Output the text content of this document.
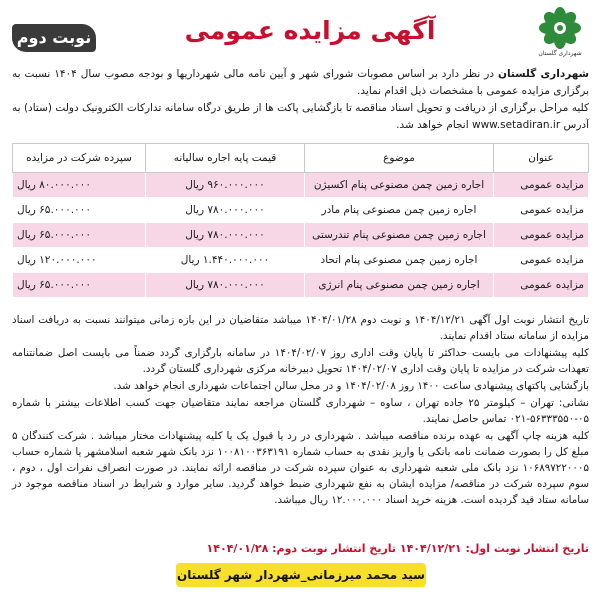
شهرداری گلستان
نوبت دوم	آگهی مزایده عمومی
شهرداری گلستان در نظر دارد بر اساس مصوبات شورای شهر و آیین نامه مالی شهرداریها و بودجه مصوب سال ۱۴۰۴ نسبت به برگزاری مزایده عمومی با مشخصات ذیل اقدام نماید.
کلیه مراحل برگزاری از دریافت و تحویل اسناد مناقصه تا بازگشایی پاکت ها از طریق درگاه سامانه تدارکات الکترونیک دولت (ستاد) به آدرس www.setadiran.ir انجام خواهد شد.
عنوان	موضوع	قیمت پایه اجاره سالیانه	سپرده شرکت در مزایده
مزایده عمومی	اجاره زمین چمن مصنوعی پنام اکسیژن	۹۶۰.۰۰۰.۰۰۰ ریال	۸۰.۰۰۰.۰۰۰ ریال
مزایده عمومی	اجاره زمین چمن مصنوعی پنام مادر	۷۸۰.۰۰۰.۰۰۰ ریال	۶۵.۰۰۰.۰۰۰ ریال
مزایده عمومی	اجاره زمین چمن مصنوعی پنام تندرستی	۷۸۰.۰۰۰.۰۰۰ ریال	۶۵.۰۰۰.۰۰۰ ریال
مزایده عمومی	اجاره زمین چمن مصنوعی پنام اتحاد	۱.۴۴۰.۰۰۰.۰۰۰ ریال	۱۲۰.۰۰۰.۰۰۰ ریال
مزایده عمومی	اجاره زمین چمن مصنوعی پنام انرژی	۷۸۰.۰۰۰.۰۰۰ ریال	۶۵.۰۰۰.۰۰۰ ریال

تاریخ انتشار نوبت اول آگهی ۱۴۰۴/۱۲/۲۱ و نوبت دوم ۱۴۰۴/۰۱/۲۸ میباشد متقاضیان در این بازه زمانی میتوانند نسبت به دریافت اسناد مزایده از سامانه ستاد اقدام نمایند.

کلیه پیشنهادات می بایست حداکثر تا پایان وقت اداری روز ۱۴۰۴/۰۲/۰۷ در سامانه بارگزاری گردد ضمناً می بایست اصل ضمانتنامه تعهدات شرکت در مزایده تا پایان وقت اداری ۱۴۰۴/۰۲/۰۷ تحویل دبیرخانه مرکزی شهرداری گلستان گردد.

بازگشایی پاکتهای پیشنهادی ساعت ۱۴۰۰ روز ۱۴۰۴/۰۲/۰۸ و در محل سالن اجتماعات شهرداری انجام خواهد شد.

نشانی: تهران – کیلومتر ۲۵ جاده تهران ، ساوه – شهرداری گلستان مراجعه نمایند متقاضیان جهت کسب اطلاعات بیشتر با شماره ۰۵-۵۶۳۳۳۵۵۰-۰۲۱ تماس حاصل نمایند.

کلیه هزینه چاپ آگهی به عهده برنده مناقصه میباشد . شهرداری در رد یا قبول یک یا کلیه پیشنهادات مختار میباشد . شرکت کنندگان ۵ مبلغ کل را بصورت ضمانت نامه بانکی یا واریز نقدی به حساب شماره ۱۰۰۸۱۰۰۳۶۳۱۹۱ نزد بانک شهر شعبه اسلامشهر یا شماره حساب ۱۰۶۸۹۷۲۲۰۰۰۵ نزد بانک ملی شعبه شهرداری به عنوان سپرده شرکت در مناقصه ارائه نمایند. در صورت انصراف نفرات اول ، دوم ، سوم سپرده شرکت در مناقصه/ مزایده ایشان به نفع شهرداری ضبط خواهد گردید. سایر موارد و شرایط در اسناد مناقصه موجود در سامانه ستاد قید گردیده است. هزینه خرید اسناد ۱۲.۰۰۰.۰۰۰ ریال میباشد.

تاریخ انتشار نوبت اول: ۱۴۰۴/۱۲/۲۱ تاریخ انتشار نوبت دوم: ۱۴۰۴/۰۱/۲۸
سید محمد میرزمانی_شهردار شهر گلستان
